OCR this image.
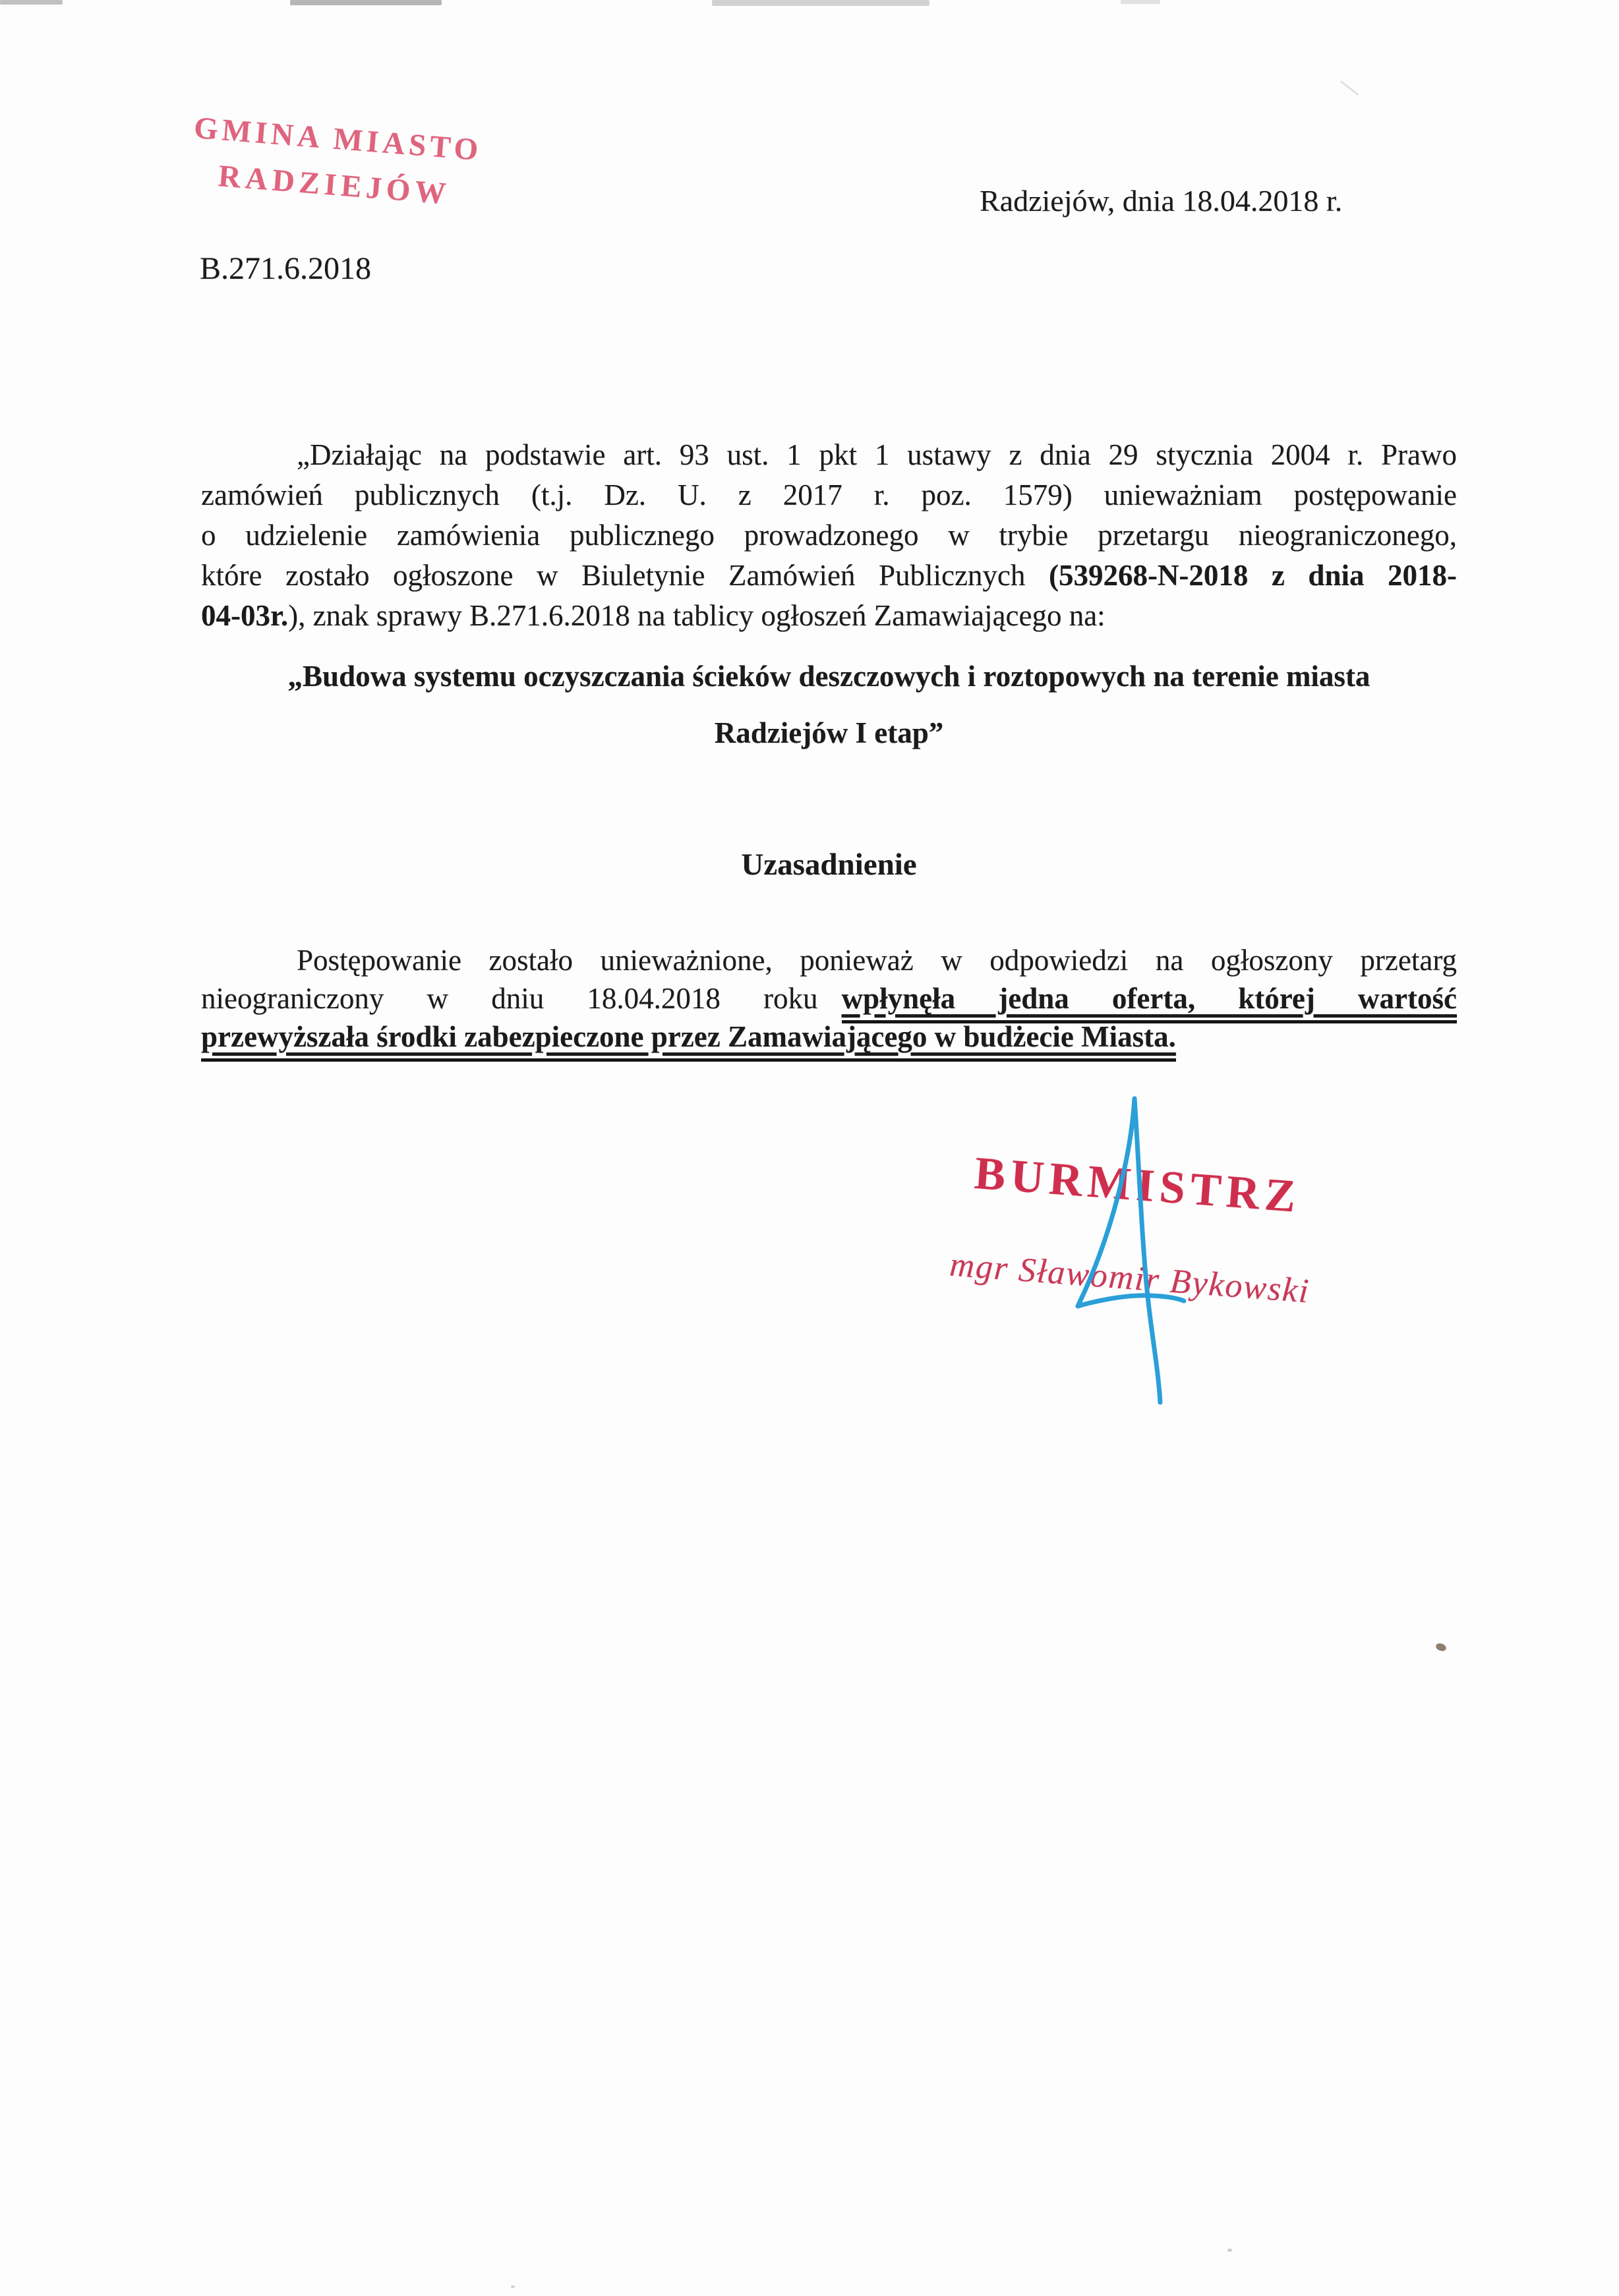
GMINA MIASTO
RADZIEJÓW
B.271.6.2018
Radziejów, dnia 18.04.2018 r.
„Działając na podstawie art. 93 ust. 1 pkt 1 ustawy z dnia 29 stycznia 2004 r. Prawo
zamówień publicznych (t.j. Dz. U. z 2017 r. poz. 1579) unieważniam postępowanie
o udzielenie zamówienia publicznego prowadzonego w trybie przetargu nieograniczonego,
które zostało ogłoszone w Biuletynie Zamówień Publicznych (539268-N-2018 z dnia 2018-
04-03r.), znak sprawy B.271.6.2018 na tablicy ogłoszeń Zamawiającego na:
„Budowa systemu oczyszczania ścieków deszczowych i roztopowych na terenie miasta
Radziejów I etap”
Uzasadnienie
Postępowanie zostało unieważnione, ponieważ w odpowiedzi na ogłoszony przetarg
nieograniczony w dniu 18.04.2018 roku wpłynęła jedna oferta, której wartość
przewyższała środki zabezpieczone przez Zamawiającego w budżecie Miasta.
BURMISTRZ
mgr Sławomir Bykowski
